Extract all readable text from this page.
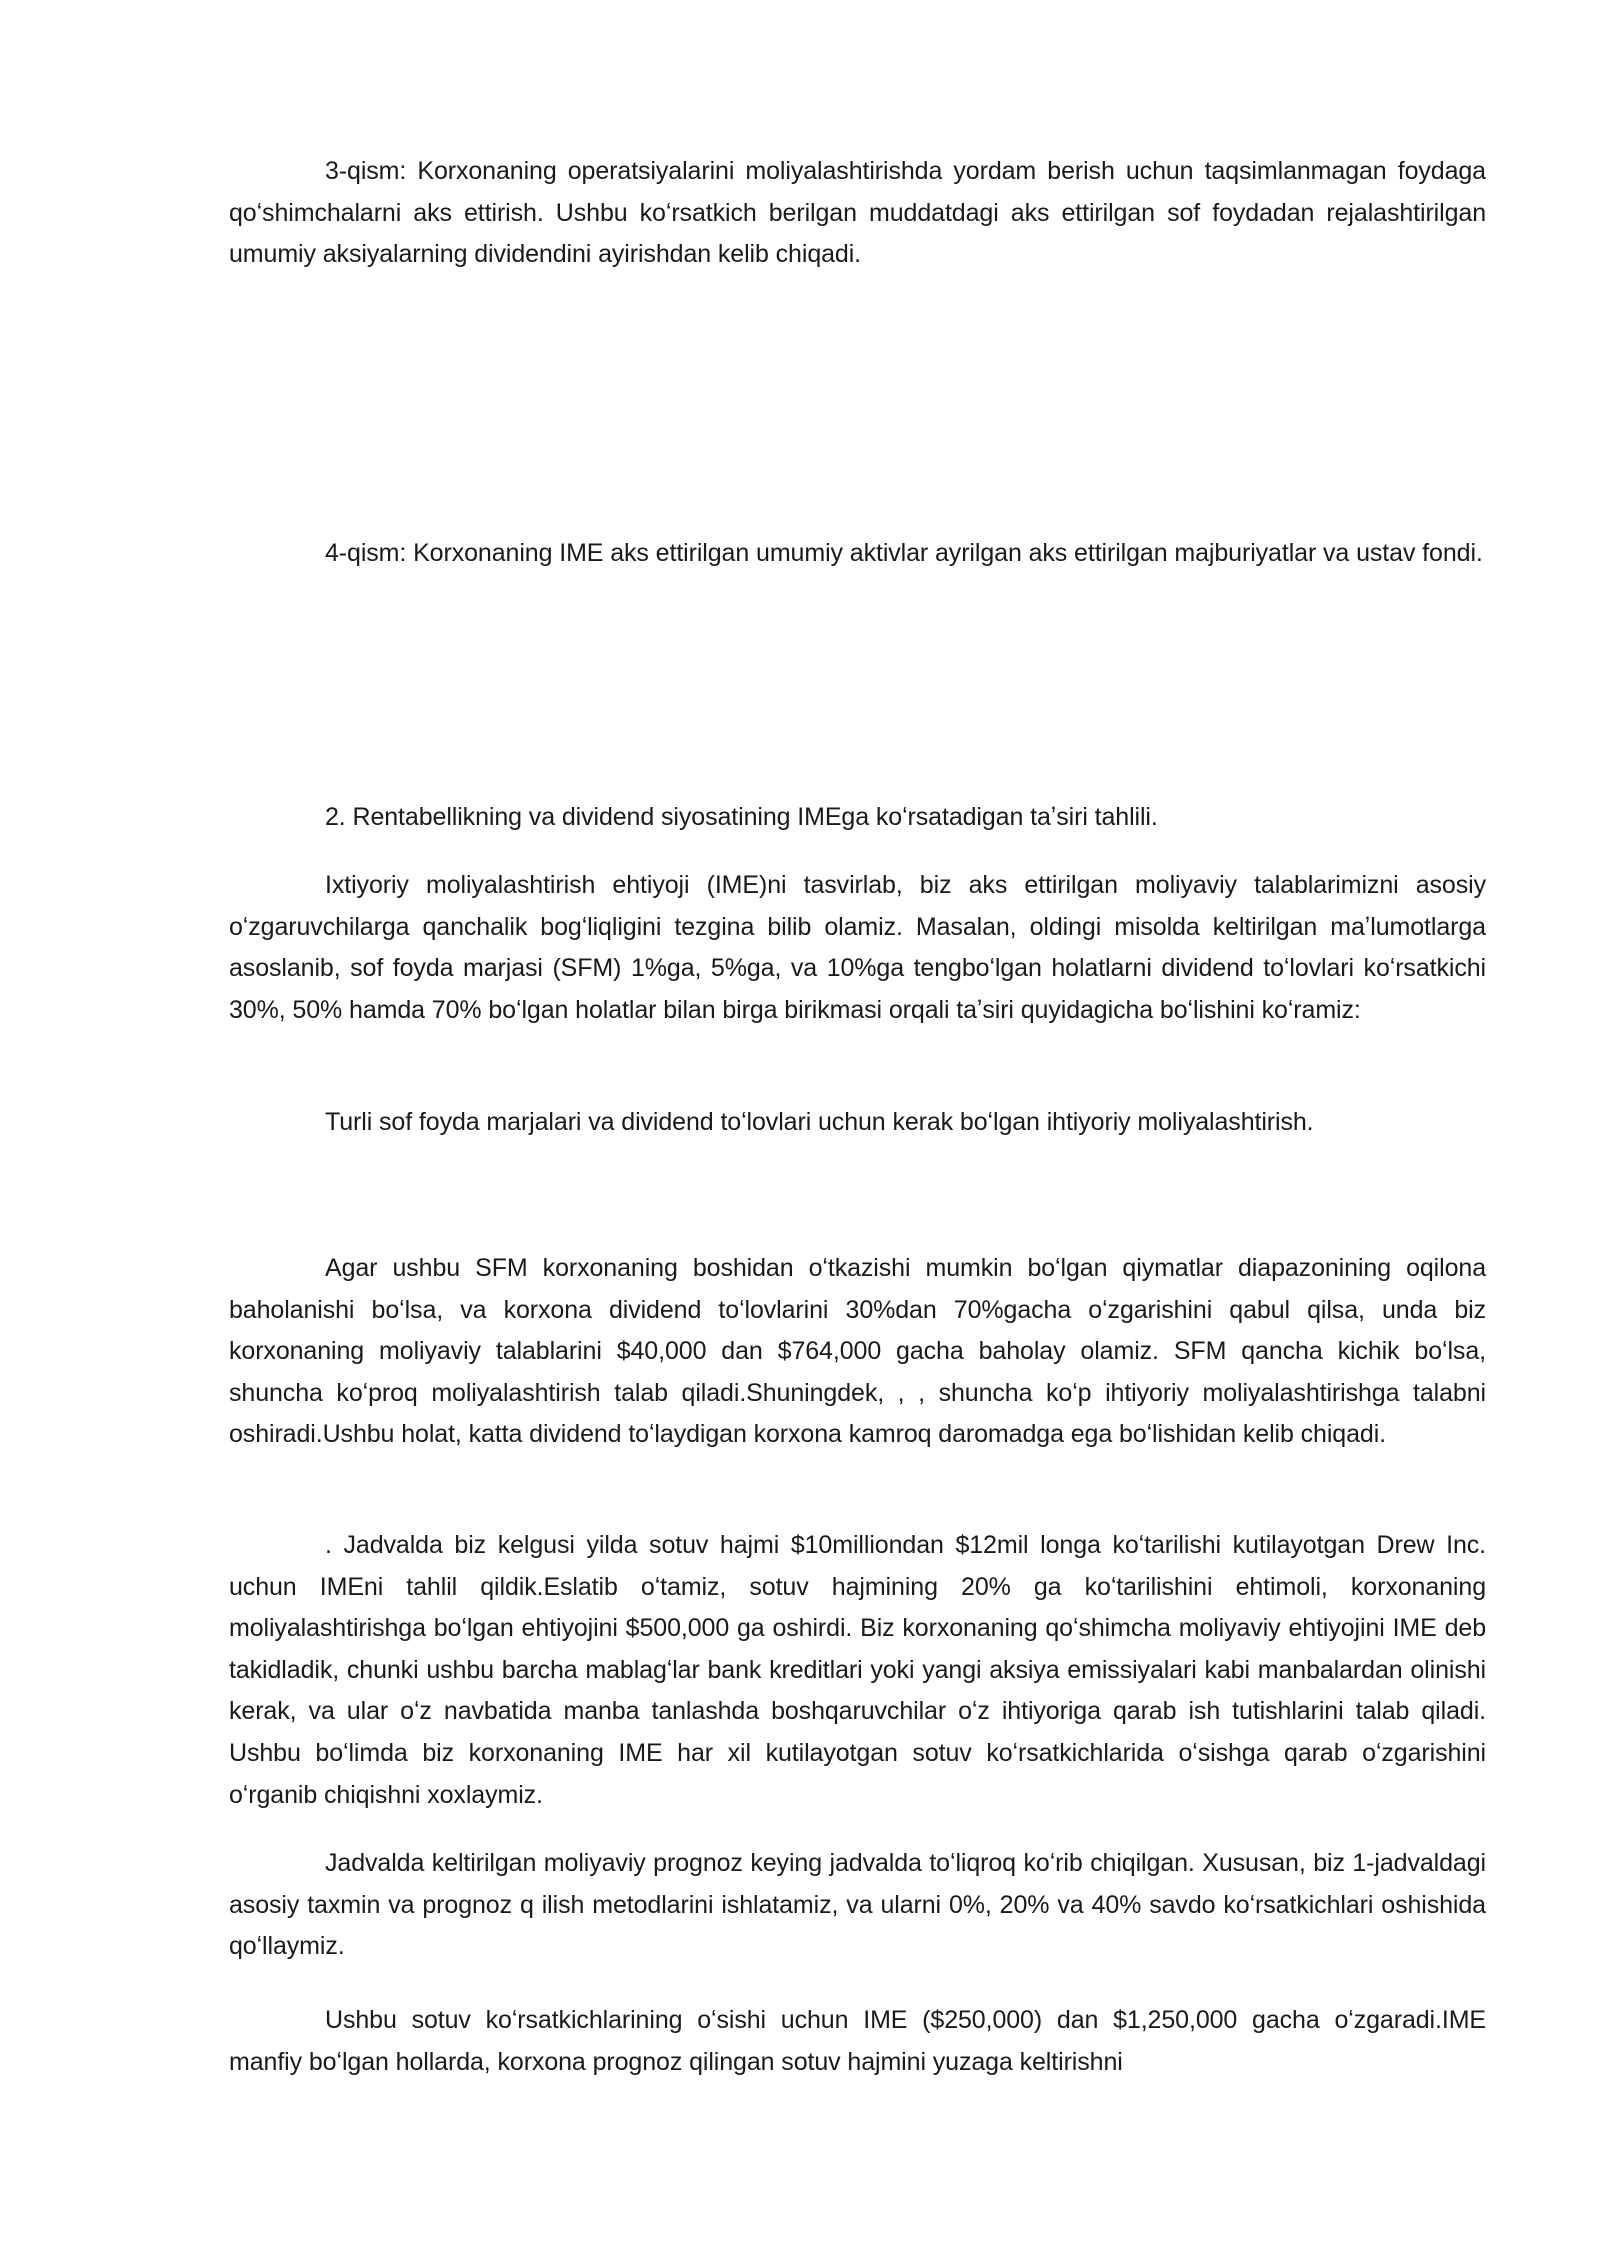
3-qism: Korxonaning operatsiyalarini moliyalashtirishda yordam berish uchun taqsimlanmagan foydaga qoʻshimchalarni aks ettirish. Ushbu koʻrsatkich berilgan muddatdagi aks ettirilgan sof foydadan rejalashtirilgan umumiy aksiyalarning dividendini ayirishdan kelib chiqadi.

4-qism: Korxonaning IME aks ettirilgan umumiy aktivlar ayrilgan aks ettirilgan majburiyatlar va ustav fondi.

2. Rentabellikning va dividend siyosatining IMEga koʻrsatadigan taʼsiri tahlili.

Ixtiyoriy moliyalashtirish ehtiyoji (IME)ni tasvirlab, biz aks ettirilgan moliyaviy talablarimizni asosiy oʻzgaruvchilarga qanchalik bogʻliqligini tezgina bilib olamiz. Masalan, oldingi misolda keltirilgan maʼlumotlarga asoslanib, sof foyda marjasi (SFM) 1%ga, 5%ga, va 10%ga tengboʻlgan holatlarni dividend toʻlovlari koʻrsatkichi 30%, 50% hamda 70% boʻlgan holatlar bilan birga birikmasi orqali taʼsiri quyidagicha boʻlishini koʻramiz:

Turli sof foyda marjalari va dividend toʻlovlari uchun kerak boʻlgan ihtiyoriy moliyalashtirish.

Agar ushbu SFM korxonaning boshidan oʻtkazishi mumkin boʻlgan qiymatlar diapazonining oqilona baholanishi boʻlsa, va korxona dividend toʻlovlarini 30%dan 70%gacha oʻzgarishini qabul qilsa, unda biz korxonaning moliyaviy talablarini $40,000 dan $764,000 gacha baholay olamiz. SFM qancha kichik boʻlsa, shuncha koʻproq moliyalashtirish talab qiladi.Shuningdek, , , shuncha koʻp ihtiyoriy moliyalashtirishga talabni oshiradi.Ushbu holat, katta dividend toʻlaydigan korxona kamroq daromadga ega boʻlishidan kelib chiqadi.

. Jadvalda biz kelgusi yilda sotuv hajmi $10milliondan $12mil longa koʻtarilishi kutilayotgan Drew Inc. uchun IMEni tahlil qildik.Eslatib oʻtamiz, sotuv hajmining 20% ga koʻtarilishini ehtimoli, korxonaning moliyalashtirishga boʻlgan ehtiyojini $500,000 ga oshirdi. Biz korxonaning qoʻshimcha moliyaviy ehtiyojini IME deb takidladik, chunki ushbu barcha mablagʻlar bank kreditlari yoki yangi aksiya emissiyalari kabi manbalardan olinishi kerak, va ular oʻz navbatida manba tanlashda boshqaruvchilar oʻz ihtiyoriga qarab ish tutishlarini talab qiladi. Ushbu boʻlimda biz korxonaning IME har xil kutilayotgan sotuv koʻrsatkichlarida oʻsishga qarab oʻzgarishini oʻrganib chiqishni xoxlaymiz.

Jadvalda keltirilgan moliyaviy prognoz keying jadvalda toʻliqroq koʻrib chiqilgan. Xususan, biz 1-jadvaldagi asosiy taxmin va prognoz q ilish metodlarini ishlatamiz, va ularni 0%, 20% va 40% savdo koʻrsatkichlari oshishida qoʻllaymiz.

Ushbu sotuv koʻrsatkichlarining oʻsishi uchun IME ($250,000) dan $1,250,000 gacha oʻzgaradi.IME manfiy boʻlgan hollarda, korxona prognoz qilingan sotuv hajmini yuzaga keltirishni
